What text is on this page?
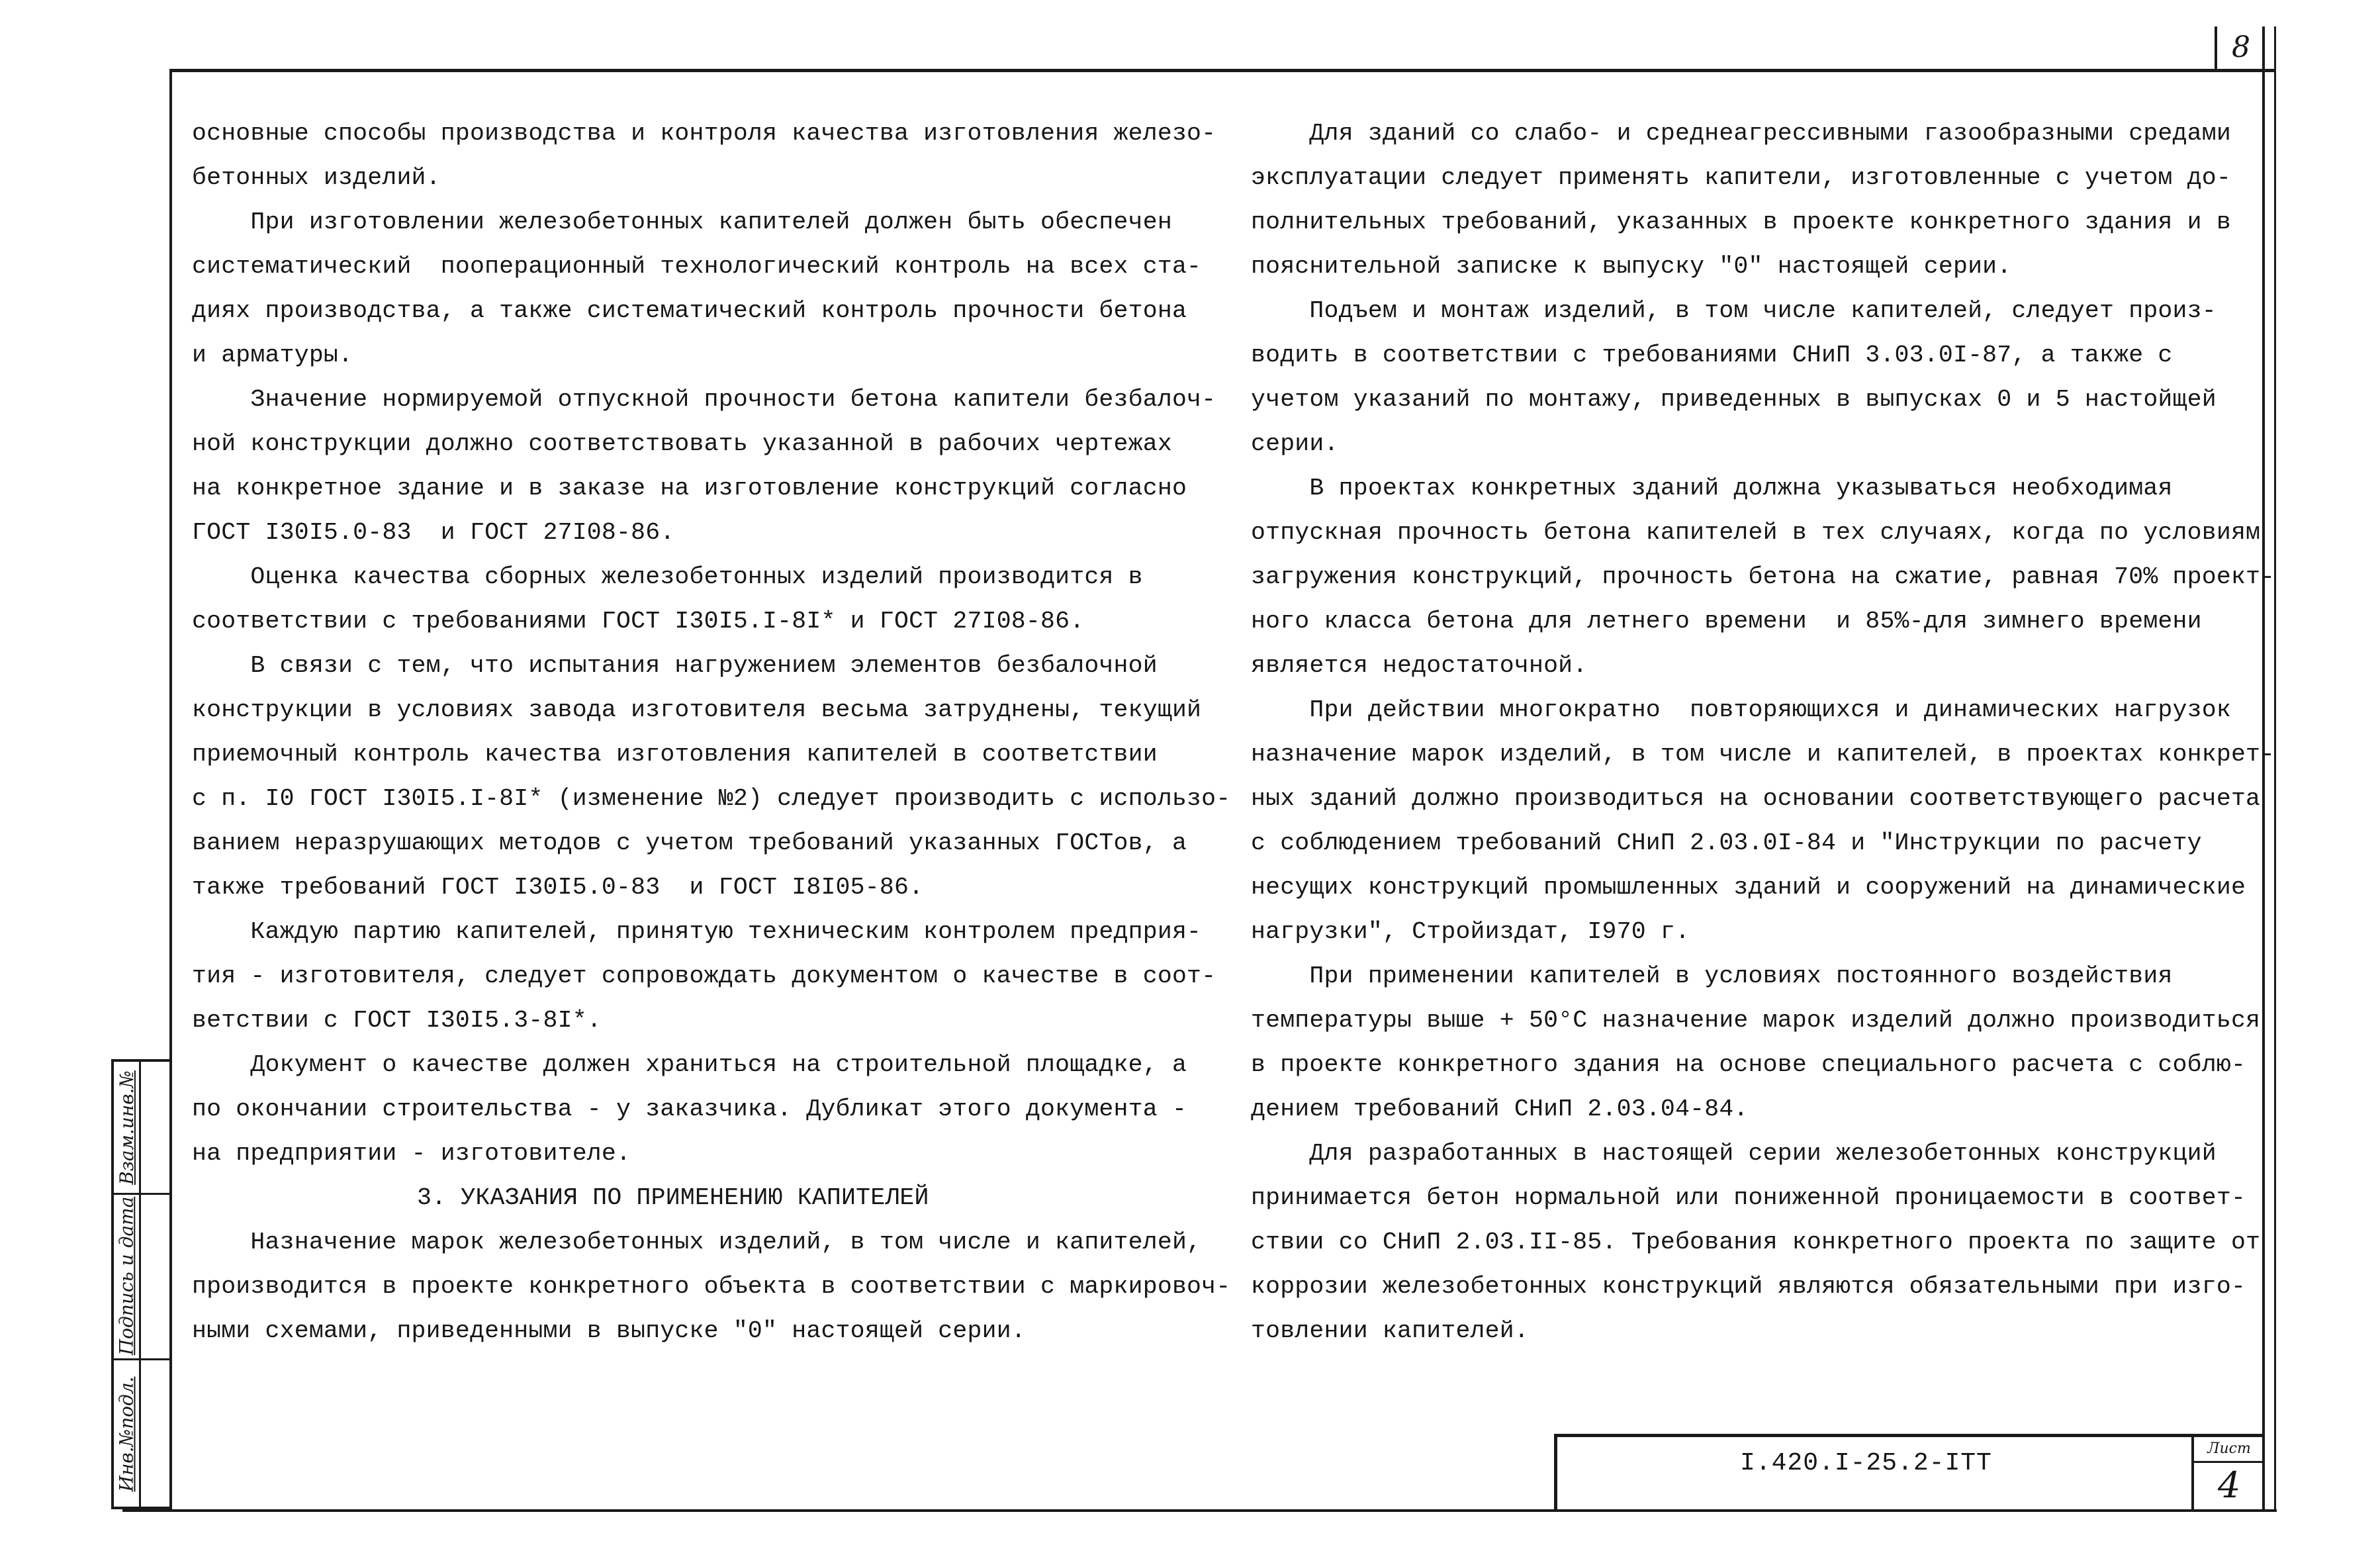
8
основные способы производства и контроля качества изготовления железо-
бетонных изделий.
При изготовлении железобетонных капителей должен быть обеспечен
систематический  пооперационный технологический контроль на всех ста-
диях производства, а также систематический контроль прочности бетона
и арматуры.
Значение нормируемой отпускной прочности бетона капители безбалоч-
ной конструкции должно соответствовать указанной в рабочих чертежах
на конкретное здание и в заказе на изготовление конструкций согласно
ГОСТ I30I5.0-83  и ГОСТ 27I08-86.
Оценка качества сборных железобетонных изделий производится в
соответствии с требованиями ГОСТ I30I5.I-8I* и ГОСТ 27I08-86.
В связи с тем, что испытания нагружением элементов безбалочной
конструкции в условиях завода изготовителя весьма затруднены, текущий
приемочный контроль качества изготовления капителей в соответствии
с п. I0 ГОСТ I30I5.I-8I* (изменение №2) следует производить с использо-
ванием неразрушающих методов с учетом требований указанных ГОСТов, а
также требований ГОСТ I30I5.0-83  и ГОСТ I8I05-86.
Каждую партию капителей, принятую техническим контролем предприя-
тия - изготовителя, следует сопровождать документом о качестве в соот-
ветствии с ГОСТ I30I5.3-8I*.
Документ о качестве должен храниться на строительной площадке, а
по окончании строительства - у заказчика. Дубликат этого документа -
на предприятии - изготовителе.
3. УКАЗАНИЯ ПО ПРИМЕНЕНИЮ КАПИТЕЛЕЙ
Назначение марок железобетонных изделий, в том числе и капителей,
производится в проекте конкретного объекта в соответствии с маркировоч-
ными схемами, приведенными в выпуске "0" настоящей серии.
Для зданий со слабо- и среднеагрессивными газообразными средами
эксплуатации следует применять капители, изготовленные с учетом до-
полнительных требований, указанных в проекте конкретного здания и в
пояснительной записке к выпуску "0" настоящей серии.
Подъем и монтаж изделий, в том числе капителей, следует произ-
водить в соответствии с требованиями СНиП 3.03.0I-87, а также с
учетом указаний по монтажу, приведенных в выпусках 0 и 5 настойщей
серии.
В проектах конкретных зданий должна указываться необходимая
отпускная прочность бетона капителей в тех случаях, когда по условиям
загружения конструкций, прочность бетона на сжатие, равная 70% проект-
ного класса бетона для летнего времени  и 85%-для зимнего времени
является недостаточной.
При действии многократно  повторяющихся и динамических нагрузок
назначение марок изделий, в том числе и капителей, в проектах конкрет-
ных зданий должно производиться на основании соответствующего расчета
с соблюдением требований СНиП 2.03.0I-84 и "Инструкции по расчету
несущих конструкций промышленных зданий и сооружений на динамические
нагрузки", Стройиздат, I970 г.
При применении капителей в условиях постоянного воздействия
температуры выше + 50°С назначение марок изделий должно производиться
в проекте конкретного здания на основе специального расчета с соблю-
дением требований СНиП 2.03.04-84.
Для разработанных в настоящей серии железобетонных конструкций
принимается бетон нормальной или пониженной проницаемости в соответ-
ствии со СНиП 2.03.II-85. Требования конкретного проекта по защите от
коррозии железобетонных конструкций являются обязательными при изго-
товлении капителей.
Взам.инв.№
Подпись и дата
Инв.№подл.	I.420.I-25.2-ITT
Лист
4
